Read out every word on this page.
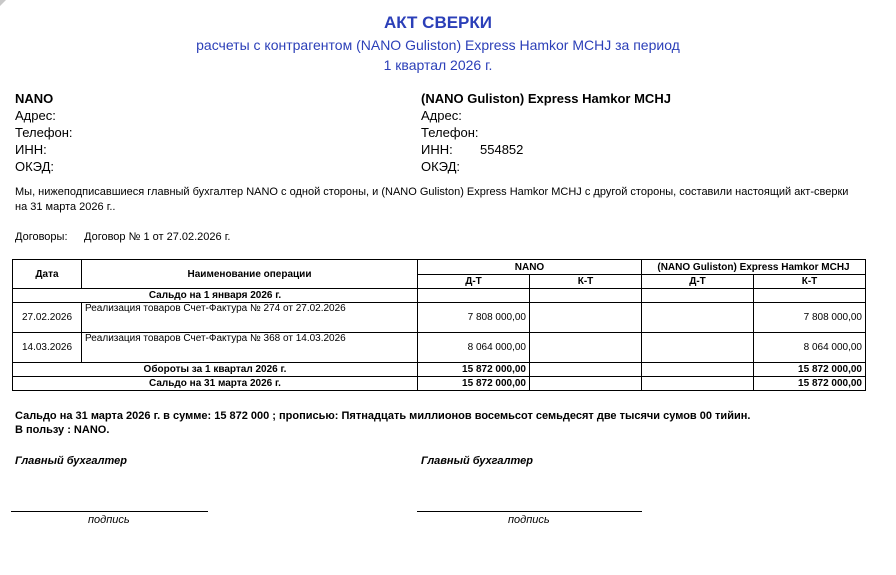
АКТ СВЕРКИ
расчеты с контрагентом (NANO Guliston) Express Hamkor MCHJ за период
1 квартал 2026 г.
NANO
Адрес:
Телефон:
ИНН:
ОКЭД:
(NANO Guliston) Express Hamkor MCHJ
Адрес:
Телефон:
ИНН: 554852
ОКЭД:
Мы, нижеподписавшиеся главный бухгалтер NANO с одной стороны, и (NANO Guliston) Express Hamkor MCHJ с другой стороны, составили настоящий акт-сверки
на 31 марта 2026 г..
Договоры: Договор № 1 от 27.02.2026 г.
Дата	Наименование операции	NANO		(NANO Guliston) Express Hamkor MCHJ	
		Д-Т	К-Т	Д-Т	К-Т
Сальдо на 1 января 2026 г.					
27.02.2026	Реализация товаров Счет-Фактура № 274 от 27.02.2026	7 808 000,00			7 808 000,00
14.03.2026	Реализация товаров Счет-Фактура № 368 от 14.03.2026	8 064 000,00			8 064 000,00
Обороты за 1 квартал 2026 г.		15 872 000,00			15 872 000,00
Сальдо на 31 марта 2026 г.		15 872 000,00			15 872 000,00
Сальдо на 31 марта 2026 г. в сумме: 15 872 000 ; прописью: Пятнадцать миллионов восемьсот семьдесят две тысячи сумов 00 тийин.
В пользу : NANO.
Главный бухгалтер	Главный бухгалтер
подпись	подпись
